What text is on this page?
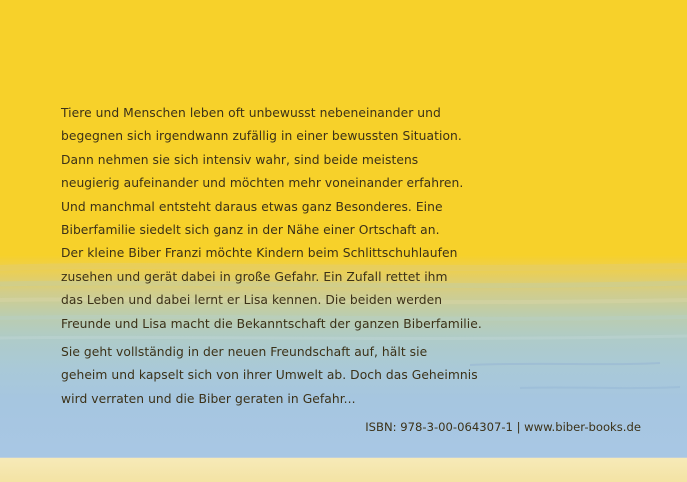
Tiere und Menschen leben oft unbewusst nebeneinander und
begegnen sich irgendwann zufällig in einer bewussten Situation.
Dann nehmen sie sich intensiv wahr, sind beide meistens
neugierig aufeinander und möchten mehr voneinander erfahren.
Und manchmal entsteht daraus etwas ganz Besonderes. Eine
Biberfamilie siedelt sich ganz in der Nähe einer Ortschaft an.
Der kleine Biber Franzi möchte Kindern beim Schlittschuhlaufen
zusehen und gerät dabei in große Gefahr. Ein Zufall rettet ihm
das Leben und dabei lernt er Lisa kennen. Die beiden werden
Freunde und Lisa macht die Bekanntschaft der ganzen Biberfamilie.

Sie geht vollständig in der neuen Freundschaft auf, hält sie
geheim und kapselt sich von ihrer Umwelt ab. Doch das Geheimnis
wird verraten und die Biber geraten in Gefahr...

ISBN: 978-3-00-064307-1 | www.biber-books.de
